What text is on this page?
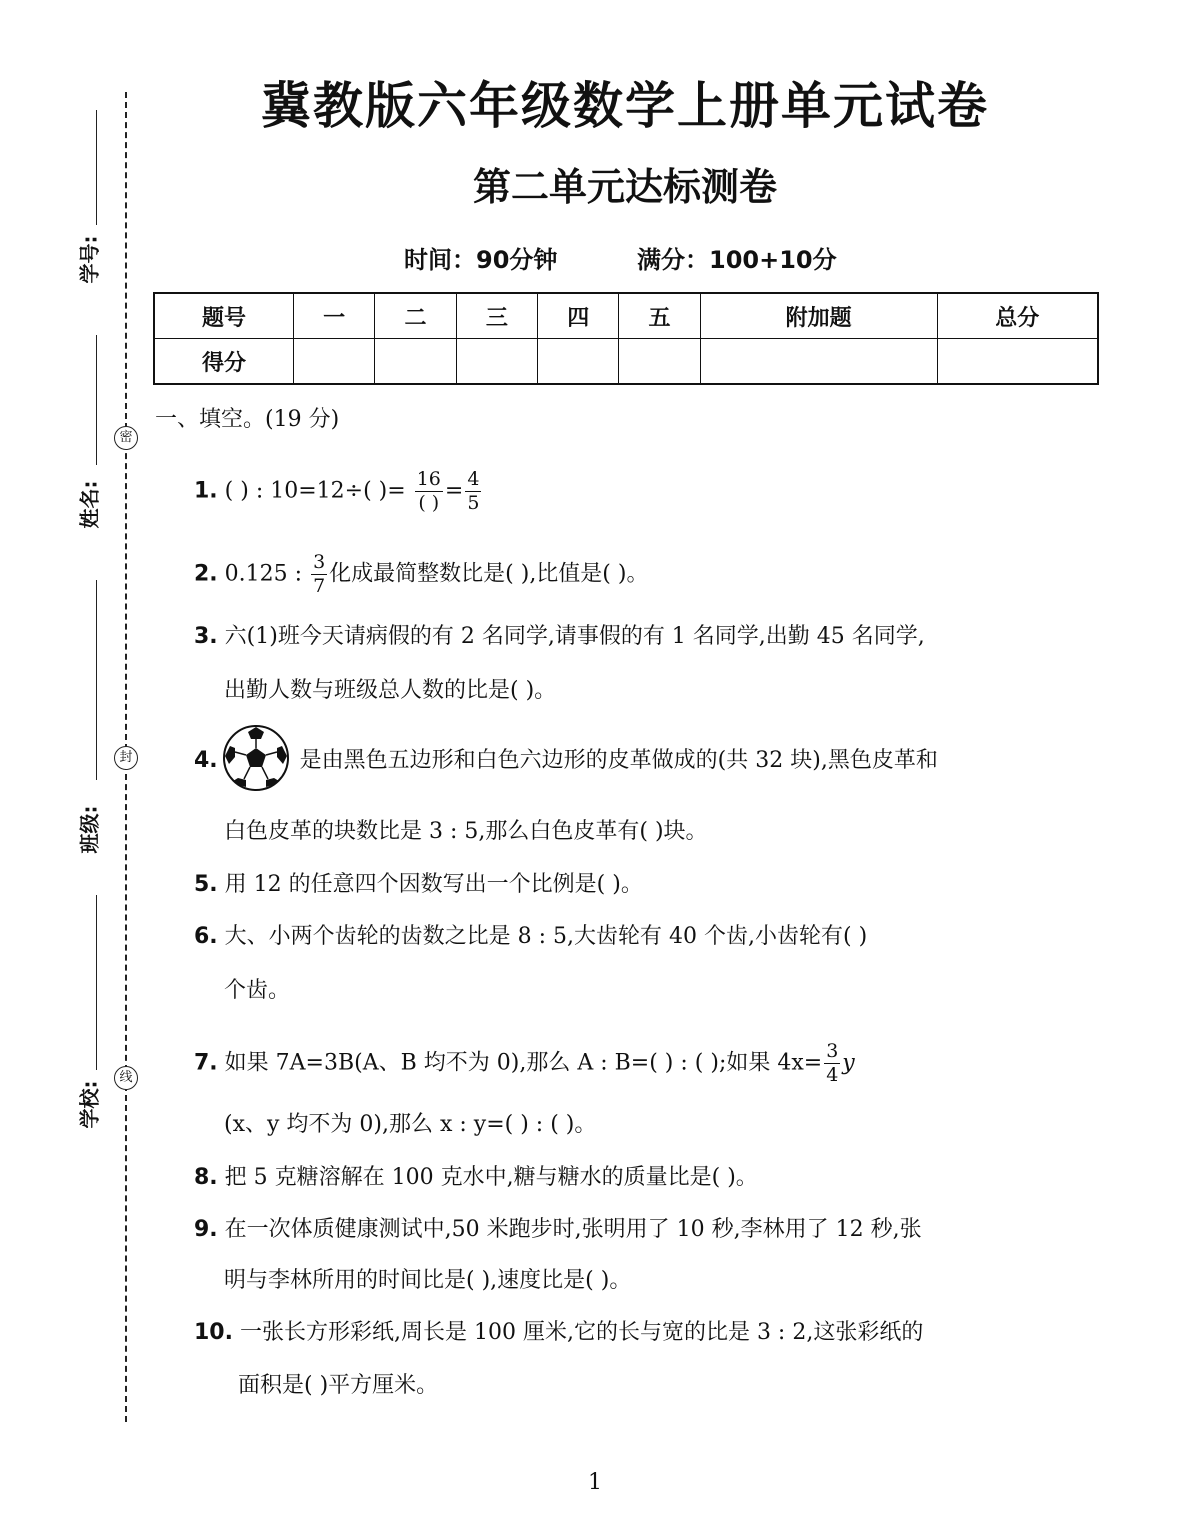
密
封
线
学号:
姓名:
班级:
学校:
冀教版六年级数学上册单元试卷
第二单元达标测卷
时间：90分钟	满分：100+10分
题号	一	二	三	四	五	附加题	总分
得分							
一、填空。(19 分)
1. ( ) : 10=12÷( )= $\frac{16}{( )} = \frac{4}{5}$
2. 0.125 : $\frac{3}{7}$ 化成最简整数比是( ),比值是( )。
3. 六(1)班今天请病假的有 2 名同学,请事假的有 1 名同学,出勤 45 名同学,
出勤人数与班级总人数的比是( )。
4.	是由黑色五边形和白色六边形的皮革做成的(共 32 块),黑色皮革和
白色皮革的块数比是 3 : 5,那么白色皮革有( )块。
5. 用 12 的任意四个因数写出一个比例是( )。
6. 大、小两个齿轮的齿数之比是 8 : 5,大齿轮有 40 个齿,小齿轮有( )
个齿。
7. 如果 7A=3B(A、B 均不为 0),那么 A : B=( ) : ( );如果 $4x= \frac{3}{4}$ y
(x、y 均不为 0),那么 x : y=( ) : ( )。
8. 把 5 克糖溶解在 100 克水中,糖与糖水的质量比是( )。
9. 在一次体质健康测试中,50 米跑步时,张明用了 10 秒,李林用了 12 秒,张
明与李林所用的时间比是( ),速度比是( )。
10. 一张长方形彩纸,周长是 100 厘米,它的长与宽的比是 3 : 2,这张彩纸的
面积是( )平方厘米。
1
